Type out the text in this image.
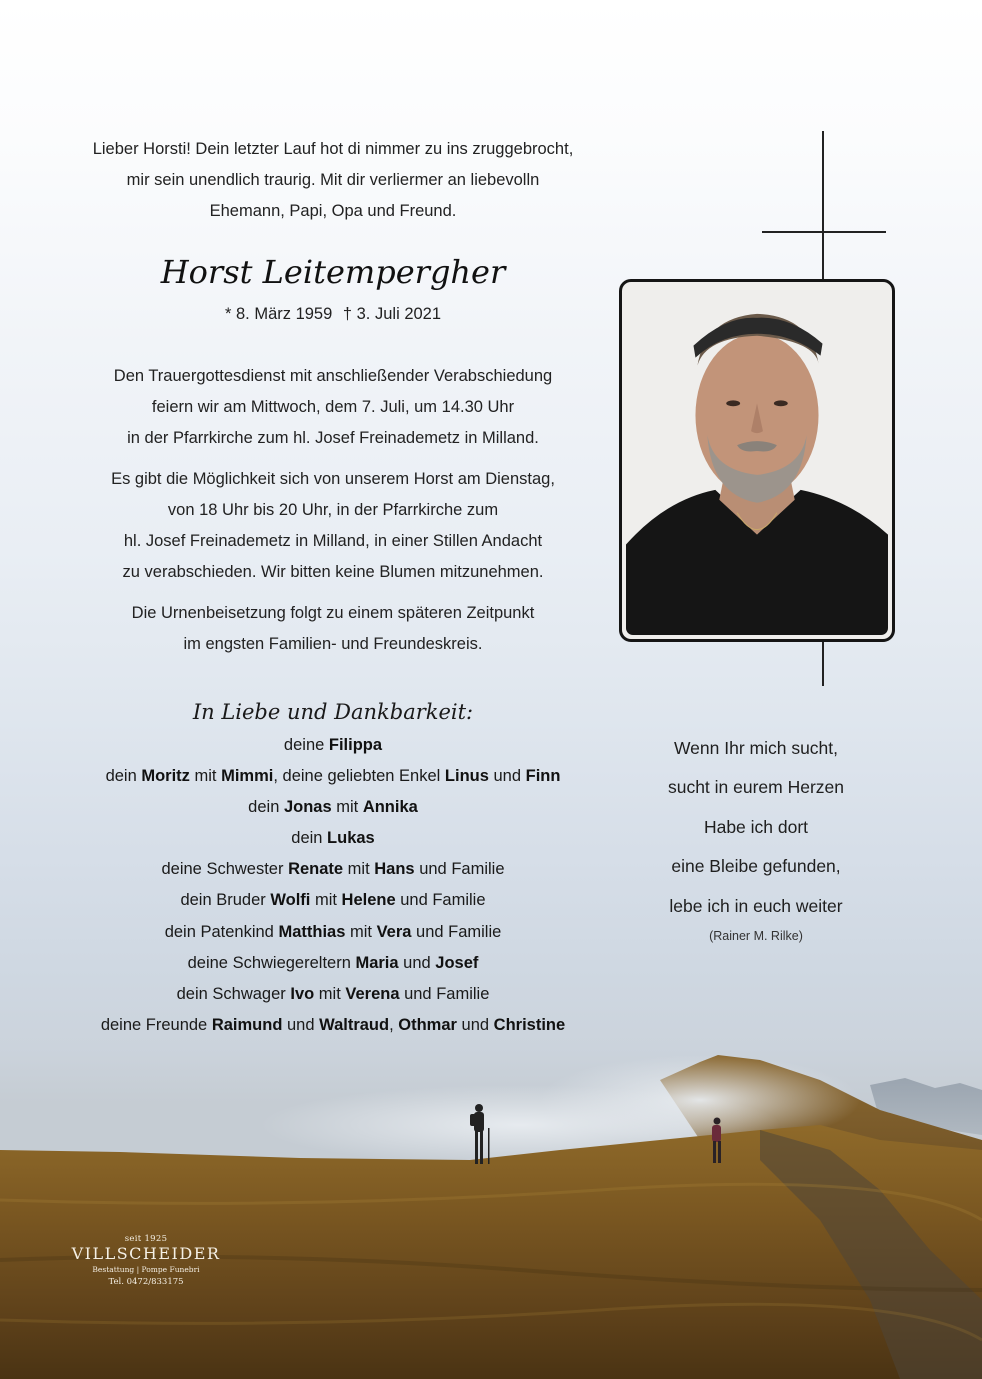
Lieber Horsti! Dein letzter Lauf hot di nimmer zu ins zruggebrocht,

mir sein unendlich traurig. Mit dir verliermer an liebevolln

Ehemann, Papi, Opa und Freund.

Horst Leitempergher
* 8. März 1959 † 3. Juli 2021
Den Trauergottesdienst mit anschließender Verabschiedung
feiern wir am Mittwoch, dem 7. Juli, um 14.30 Uhr
in der Pfarrkirche zum hl. Josef Freinademetz in Milland.
Es gibt die Möglichkeit sich von unserem Horst am Dienstag,
von 18 Uhr bis 20 Uhr, in der Pfarrkirche zum
hl. Josef Freinademetz in Milland, in einer Stillen Andacht
zu verabschieden. Wir bitten keine Blumen mitzunehmen.
Die Urnenbeisetzung folgt zu einem späteren Zeitpunkt
im engsten Familien- und Freundeskreis.
In Liebe und Dankbarkeit:
deine Filippa
dein Moritz mit Mimmi, deine geliebten Enkel Linus und Finn
dein Jonas mit Annika
dein Lukas
deine Schwester Renate mit Hans und Familie
dein Bruder Wolfi mit Helene und Familie
dein Patenkind Matthias mit Vera und Familie
deine Schwiegereltern Maria und Josef
dein Schwager Ivo mit Verena und Familie
deine Freunde Raimund und Waltraud, Othmar und Christine
Wenn Ihr mich sucht,
sucht in eurem Herzen
Habe ich dort
eine Bleibe gefunden,
lebe ich in euch weiter
(Rainer M. Rilke)
seit 1925
VILLSCHEIDER
Bestattung | Pompe Funebri
Tel. 0472/833175
